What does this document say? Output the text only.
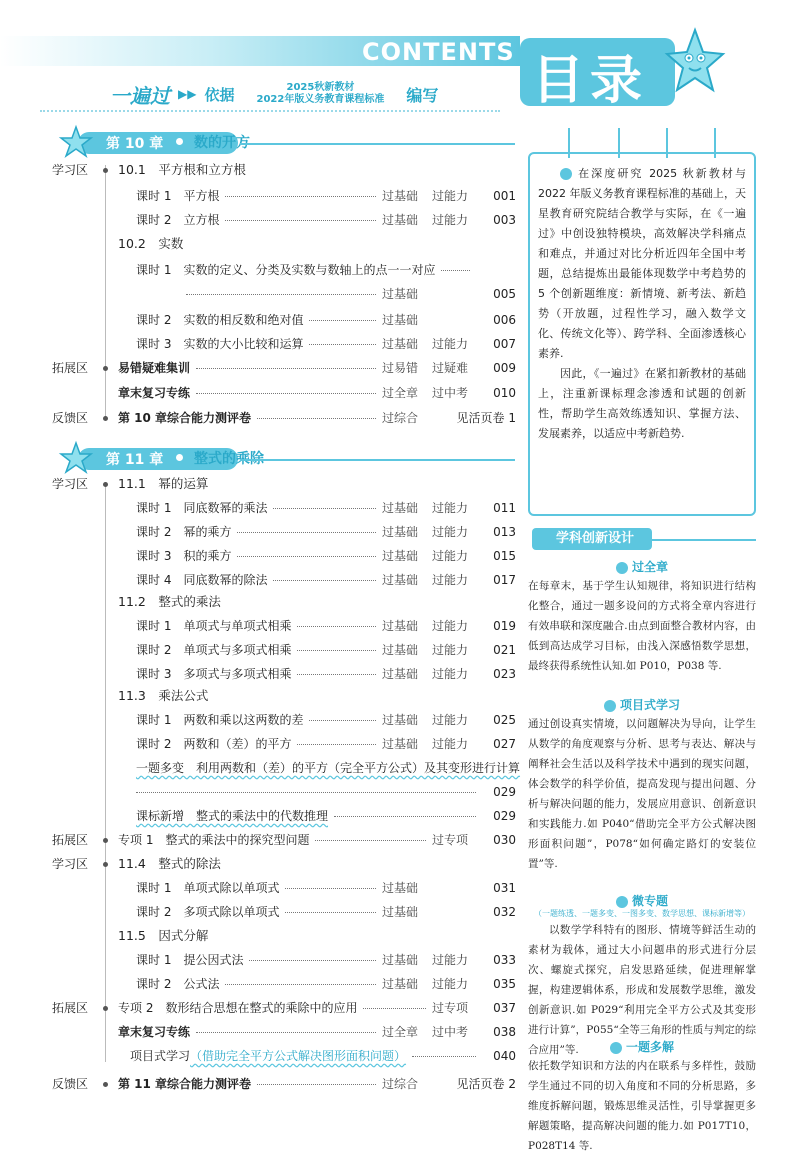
CONTENTS 目录
一遍过 ▶▶ 依据	2025秋新教材
2022年版义务教育课程标准 编写
第 10 章 数的开方
学习区	10.1　平方根和立方根
课时 1　平方根	过基础	过能力	001
课时 2　立方根	过基础	过能力	003
10.2　实数
课时 1　实数的定义、分类及实数与数轴上的点一一对应
过基础	005
课时 2　实数的相反数和绝对值	过基础	006
课时 3　实数的大小比较和运算	过基础	过能力	007
拓展区	易错疑难集训	过易错	过疑难	009
章末复习专练	过全章	过中考	010
反馈区	第 10 章综合能力测评卷	过综合	见活页卷 1
第 11 章 整式的乘除
学习区	11.1　幂的运算
课时 1　同底数幂的乘法	过基础	过能力	011
课时 2　幂的乘方	过基础	过能力	013
课时 3　积的乘方	过基础	过能力	015
课时 4　同底数幂的除法	过基础	过能力	017
11.2　整式的乘法
课时 1　单项式与单项式相乘	过基础	过能力	019
课时 2　单项式与多项式相乘	过基础	过能力	021
课时 3　多项式与多项式相乘	过基础	过能力	023
11.3　乘法公式
课时 1　两数和乘以这两数的差	过基础	过能力	025
课时 2　两数和（差）的平方	过基础	过能力	027
一题多变　利用两数和（差）的平方（完全平方公式）及其变形进行计算
029
课标新增　整式的乘法中的代数推理	029
拓展区	专项 1　整式的乘法中的探究型问题	过专项	030
学习区	11.4　整式的除法
课时 1　单项式除以单项式	过基础	031
课时 2　多项式除以单项式	过基础	032
11.5　因式分解
课时 1　提公因式法	过基础	过能力	033
课时 2　公式法	过基础	过能力	035
拓展区	专项 2　数形结合思想在整式的乘除中的应用	过专项	037
章末复习专练	过全章	过中考	038
项目式学习 （借助完全平方公式解决图形面积问题）	040
反馈区	第 11 章综合能力测评卷	过综合	见活页卷 2

在深度研究 2025 秋新教材与 2022 年版义务教育课程标准的基础上，天星教育研究院结合教学与实际，在《一遍过》中创设独特模块，高效解决学科痛点和难点，并通过对比分析近四年全国中考题，总结提炼出最能体现数学中考趋势的 5 个创新题维度：新情境、新考法、新趋势（开放题，过程性学习，融入数学文化、传统文化等）、跨学科、全面渗透核心素养.

因此，《一遍过》在紧扣新教材的基础上，注重新课标理念渗透和试题的创新性，帮助学生高效练透知识、掌握方法、发展素养，以适应中考新趋势.

学科创新设计
过全章
在每章末，基于学生认知规律，将知识进行结构化整合，通过一题多设问的方式将全章内容进行有效串联和深度融合.由点到面整合教材内容，由低到高达成学习目标，由浅入深感悟数学思想，最终获得系统性认知.如 P010，P038 等.
项目式学习
通过创设真实情境，以问题解决为导向，让学生从数学的角度观察与分析、思考与表达、解决与阐释社会生活以及科学技术中遇到的现实问题，体会数学的科学价值，提高发现与提出问题、分析与解决问题的能力，发展应用意识、创新意识和实践能力.如 P040“借助完全平方公式解决图形面积问题”，P078“如何确定路灯的安装位置”等.
微专题
（一题练透、一题多变、一图多变、数学思想、课标新增等）
以数学学科特有的图形、情境等鲜活生动的素材为载体，通过大小问题串的形式进行分层次、螺旋式探究，启发思路延续，促进理解掌握，构建逻辑体系，形成和发展数学思维，激发创新意识.如 P029“利用完全平方公式及其变形进行计算”，P055“全等三角形的性质与判定的综合应用”等.	一题多解
依托数学知识和方法的内在联系与多样性，鼓励学生通过不同的切入角度和不同的分析思路，多维度拆解问题，锻炼思维灵活性，引导掌握更多解题策略，提高解决问题的能力.如 P017T10，P028T14 等.
